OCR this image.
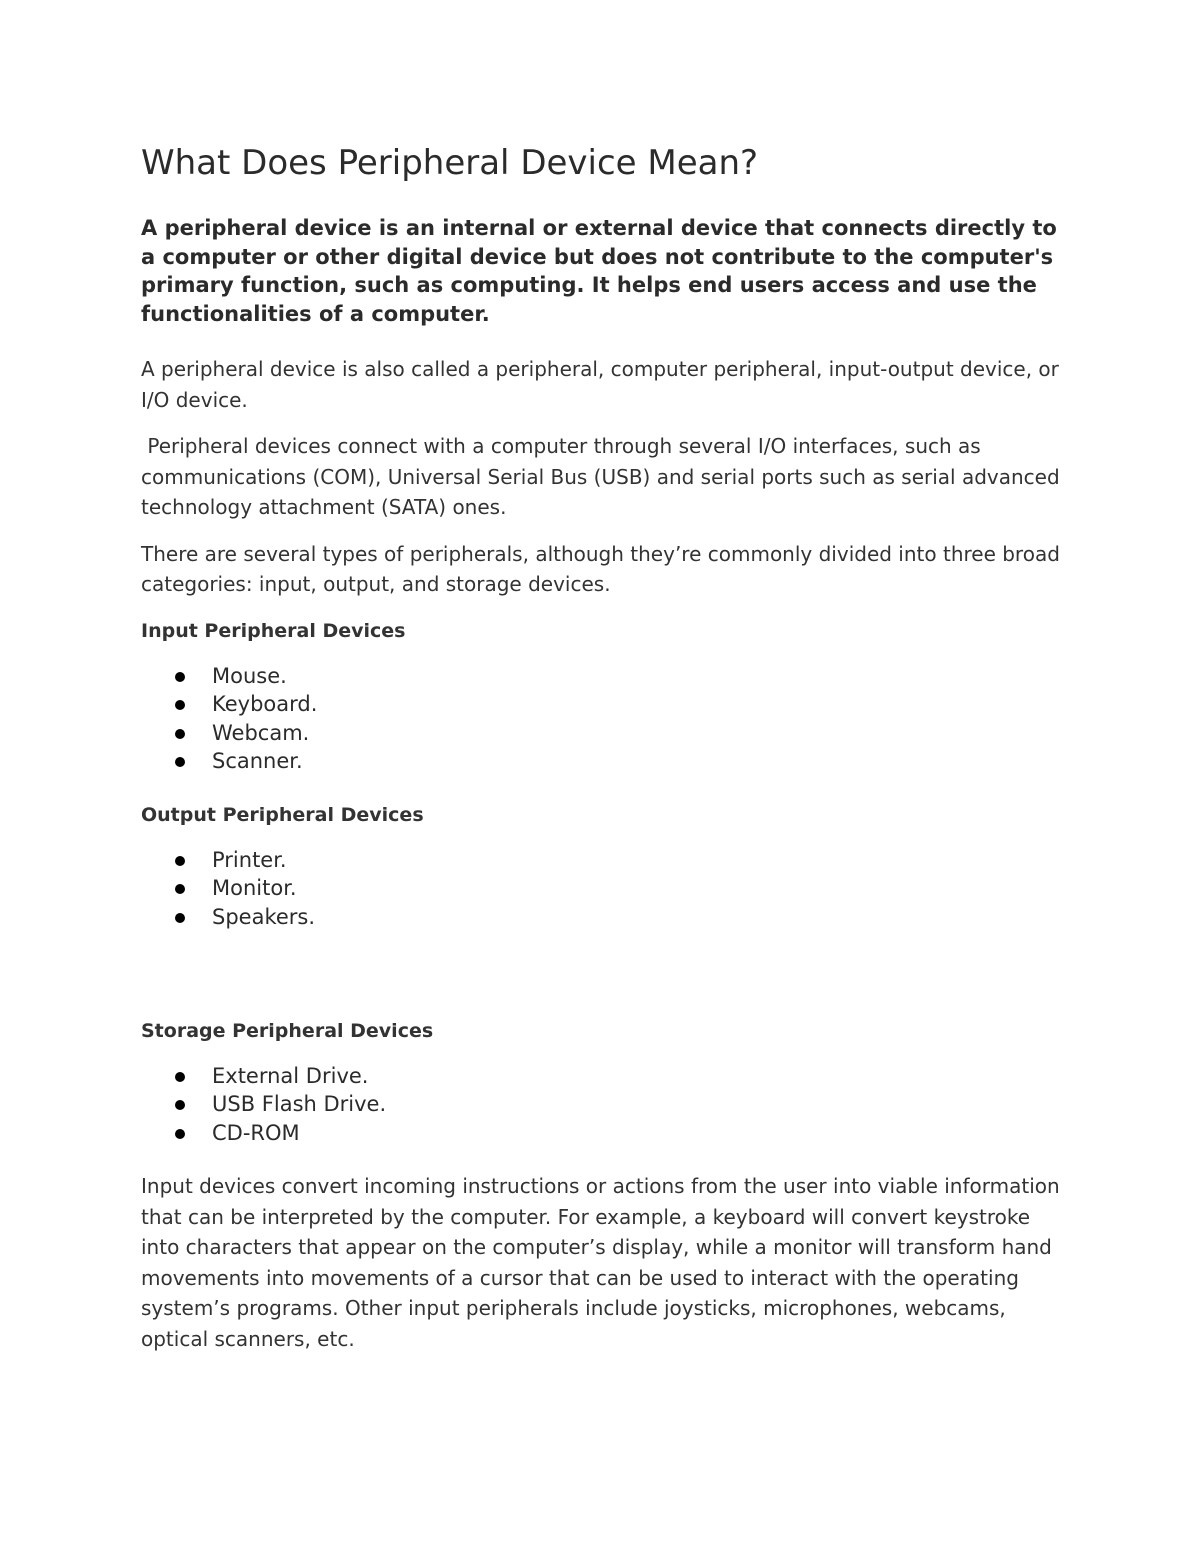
What Does Peripheral Device Mean?

A peripheral device is an internal or external device that connects directly to a computer or other digital device but does not contribute to the computer's primary function, such as computing. It helps end users access and use the functionalities of a computer.

A peripheral device is also called a peripheral, computer peripheral, input-output device, or I/O device.

Peripheral devices connect with a computer through several I/O interfaces, such as communications (COM), Universal Serial Bus (USB) and serial ports such as serial advanced technology attachment (SATA) ones.

There are several types of peripherals, although they’re commonly divided into three broad categories: input, output, and storage devices.

Input Peripheral Devices
Mouse.
Keyboard.
Webcam.
Scanner.
Output Peripheral Devices
Printer.
Monitor.
Speakers.
Storage Peripheral Devices
External Drive.
USB Flash Drive.
CD-ROM

Input devices convert incoming instructions or actions from the user into viable information that can be interpreted by the computer. For example, a keyboard will convert keystroke into characters that appear on the computer’s display, while a monitor will transform hand movements into movements of a cursor that can be used to interact with the operating system’s programs. Other input peripherals include joysticks, microphones, webcams, optical scanners, etc.
